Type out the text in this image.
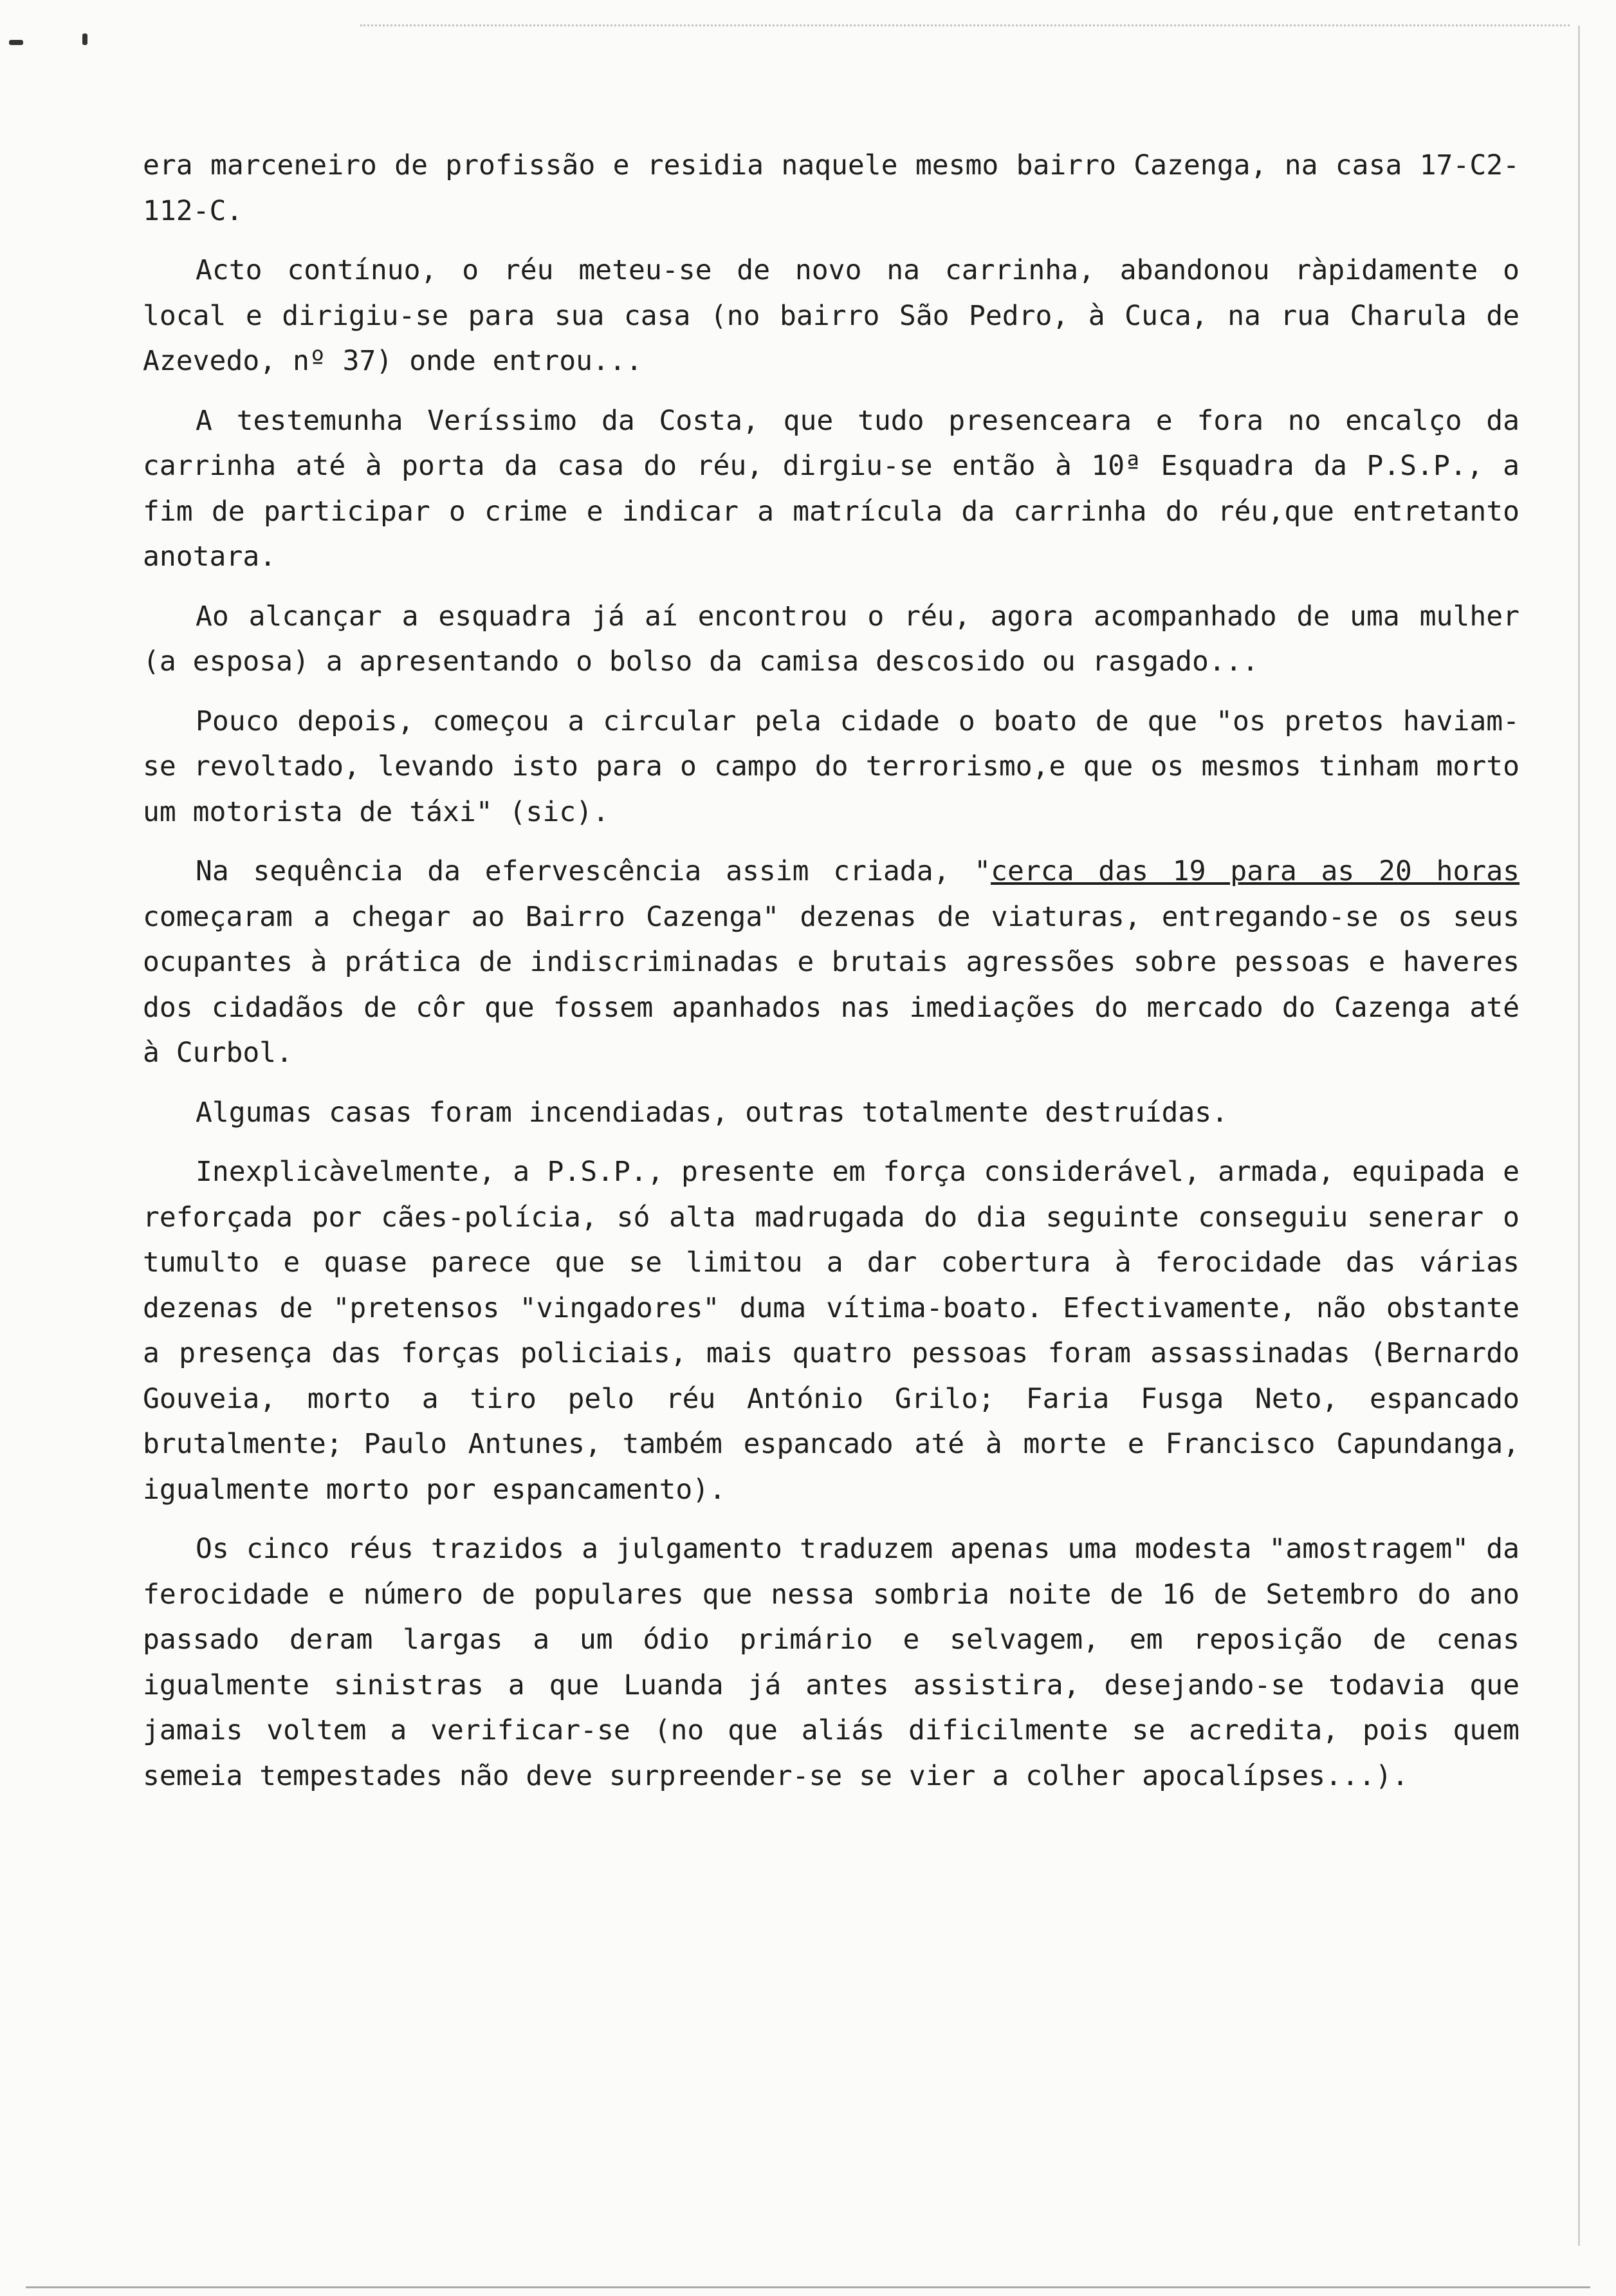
era marceneiro de profissão e residia naquele mesmo bairro Cazenga, na casa 17-C2-112-C.

Acto contínuo, o réu meteu-se de novo na carrinha, abandonou ràpidamente o local e dirigiu-se para sua casa (no bairro São Pedro, à Cuca, na rua Charula de Azevedo, nº 37) onde entrou...

A testemunha Veríssimo da Costa, que tudo presenceara e fora no encalço da carrinha até à porta da casa do réu, dirgiu-se então à 10ª Esquadra da P.S.P., a fim de participar o crime e indicar a matrícula da carrinha do réu,que entretanto anotara.

Ao alcançar a esquadra já aí encontrou o réu, agora acompanhado de uma mulher (a esposa) a apresentando o bolso da camisa descosido ou rasgado...

Pouco depois, começou a circular pela cidade o boato de que "os pretos haviam-se revoltado, levando isto para o campo do terrorismo,e que os mesmos tinham morto um motorista de táxi" (sic).

Na sequência da efervescência assim criada, "cerca das 19 para as 20 horas começaram a chegar ao Bairro Cazenga" dezenas de viaturas, entregando-se os seus ocupantes à prática de indiscriminadas e brutais agressões sobre pessoas e haveres dos cidadãos de côr que fossem apanhados nas imediações do mercado do Cazenga até à Curbol.

Algumas casas foram incendiadas, outras totalmente destruídas.

Inexplicàvelmente, a P.S.P., presente em força considerável, armada, equipada e reforçada por cães-polícia, só alta madrugada do dia seguinte conseguiu senerar o tumulto e quase parece que se limitou a dar cobertura à ferocidade das várias dezenas de "pretensos "vingadores" duma vítima-boato. Efectivamente, não obstante a presença das forças policiais, mais quatro pessoas foram assassinadas (Bernardo Gouveia, morto a tiro pelo réu António Grilo; Faria Fusga Neto, espancado brutalmente; Paulo Antunes, também espancado até à morte e Francisco Capundanga, igualmente morto por espancamento).

Os cinco réus trazidos a julgamento traduzem apenas uma modesta "amostragem" da ferocidade e número de populares que nessa sombria noite de 16 de Setembro do ano passado deram largas a um ódio primário e selvagem, em reposição de cenas igualmente sinistras a que Luanda já antes assistira, desejando-se todavia que jamais voltem a verificar-se (no que aliás dificilmente se acredita, pois quem semeia tempestades não deve surpreender-se se vier a colher apocalípses...).
